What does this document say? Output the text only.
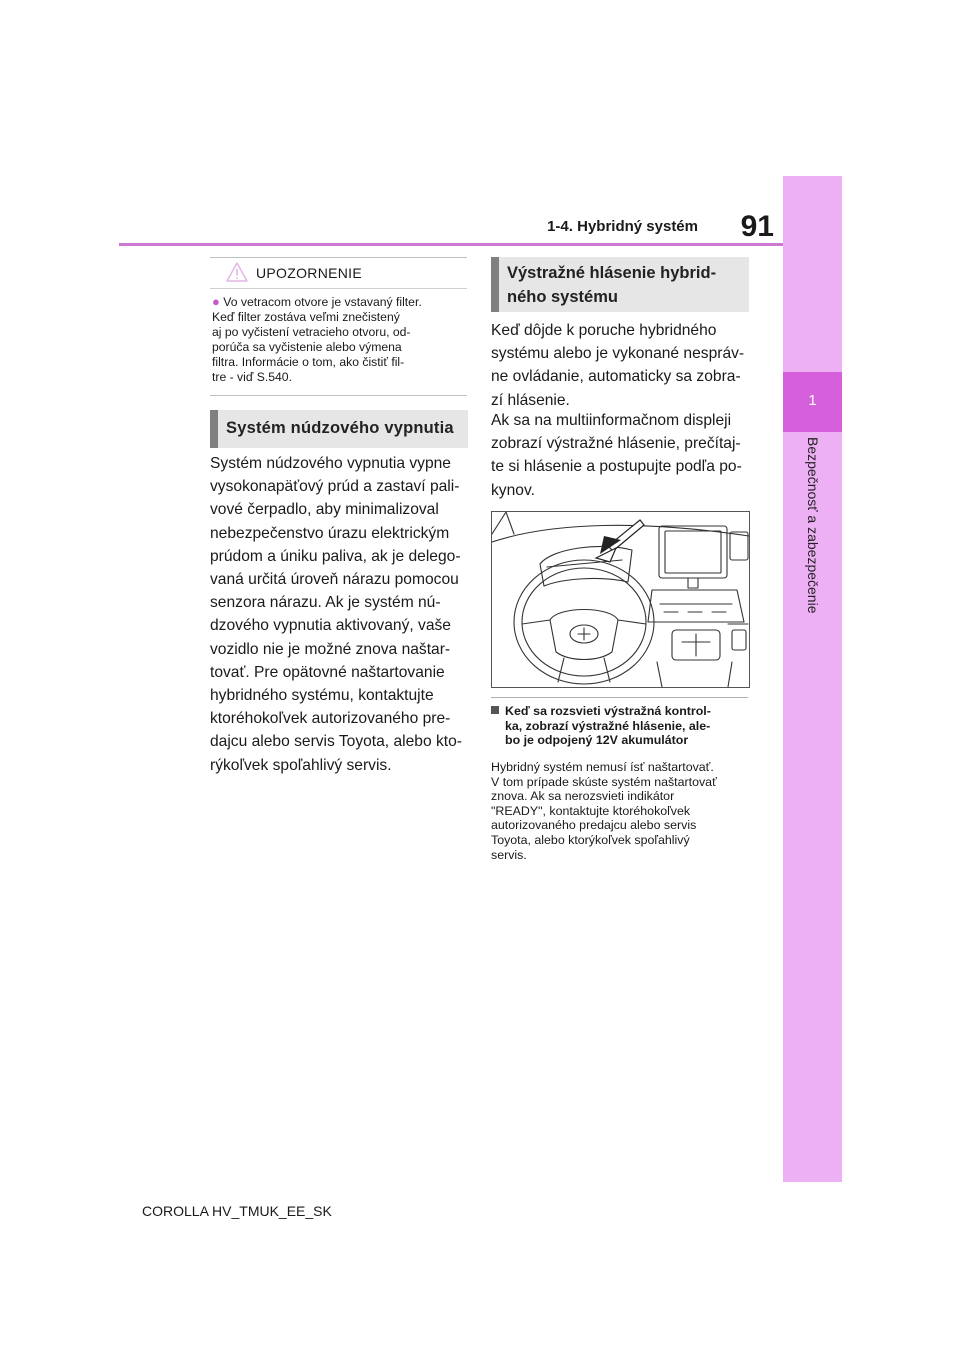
1
Bezpečnosť a zabezpečenie
1-4. Hybridný systém	91
UPOZORNENIE
● Vo vetracom otvore je vstavaný filter.
Keď filter zostáva veľmi znečistený
aj po vyčistení vetracieho otvoru, od-
porúča sa vyčistenie alebo výmena
filtra. Informácie o tom, ako čistiť fil-
tre - viď S.540.
Systém núdzového vypnutia
Systém núdzového vypnutia vypne
vysokonapäťový prúd a zastaví pali-
vové čerpadlo, aby minimalizoval
nebezpečenstvo úrazu elektrickým
prúdom a úniku paliva, ak je delego-
vaná určitá úroveň nárazu pomocou
senzora nárazu. Ak je systém nú-
dzového vypnutia aktivovaný, vaše
vozidlo nie je možné znova naštar-
tovať. Pre opätovné naštartovanie
hybridného systému, kontaktujte
ktoréhokoľvek autorizovaného pre-
dajcu alebo servis Toyota, alebo kto-
rýkoľvek spoľahlivý servis.
Výstražné hlásenie hybrid-
ného systému
Keď dôjde k poruche hybridného
systému alebo je vykonané nespráv-
ne ovládanie, automaticky sa zobra-
zí hlásenie.
Ak sa na multiinformačnom displeji
zobrazí výstražné hlásenie, prečítaj-
te si hlásenie a postupujte podľa po-
kynov.
Keď sa rozsvieti výstražná kontrol-
ka, zobrazí výstražné hlásenie, ale-
bo je odpojený 12V akumulátor
Hybridný systém nemusí ísť naštartovať.
V tom prípade skúste systém naštartovať
znova. Ak sa nerozsvieti indikátor
"READY", kontaktujte ktoréhokoľvek
autorizovaného predajcu alebo servis
Toyota, alebo ktorýkoľvek spoľahlivý
servis.
COROLLA HV_TMUK_EE_SK
